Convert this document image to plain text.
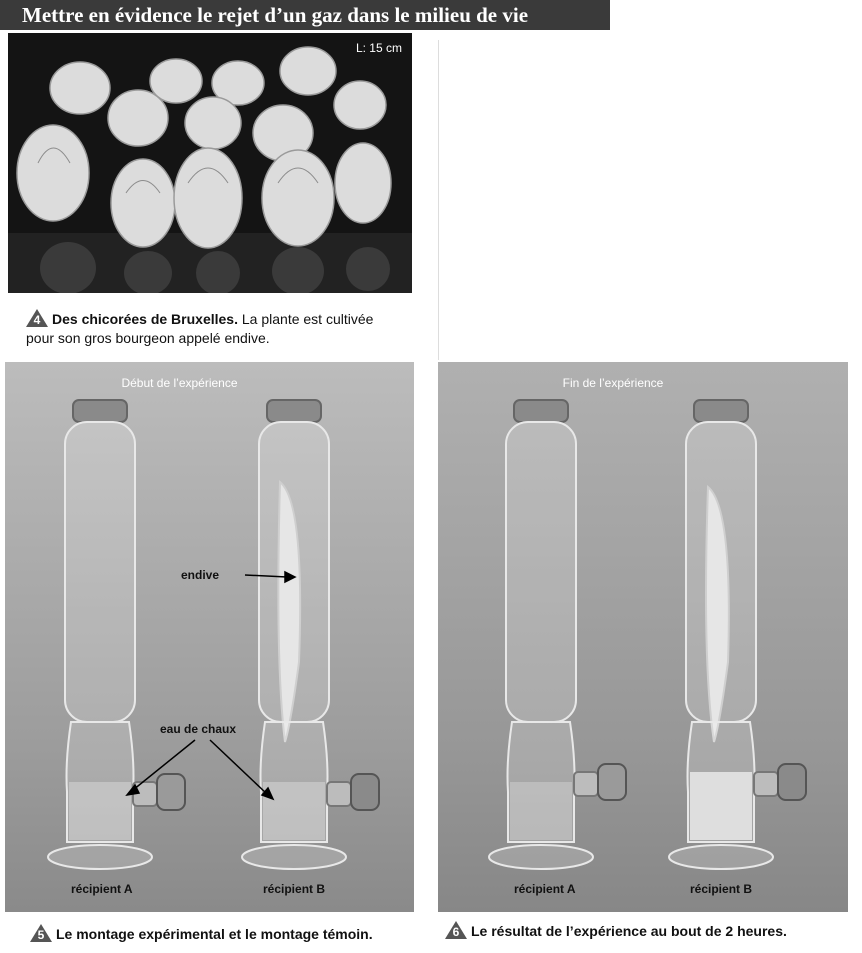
Mettre en évidence le rejet d’un gaz dans le milieu de vie
L: 15 cm
4 Des chicorées de Bruxelles. La plante est cultivée
pour son gros bourgeon appelé endive.
Début de l’expérience
endive
eau de chaux
récipient A	récipient B
Fin de l’expérience
récipient A	récipient B
5 Le montage expérimental et le montage témoin.	6 Le résultat de l’expérience au bout de 2 heures.
